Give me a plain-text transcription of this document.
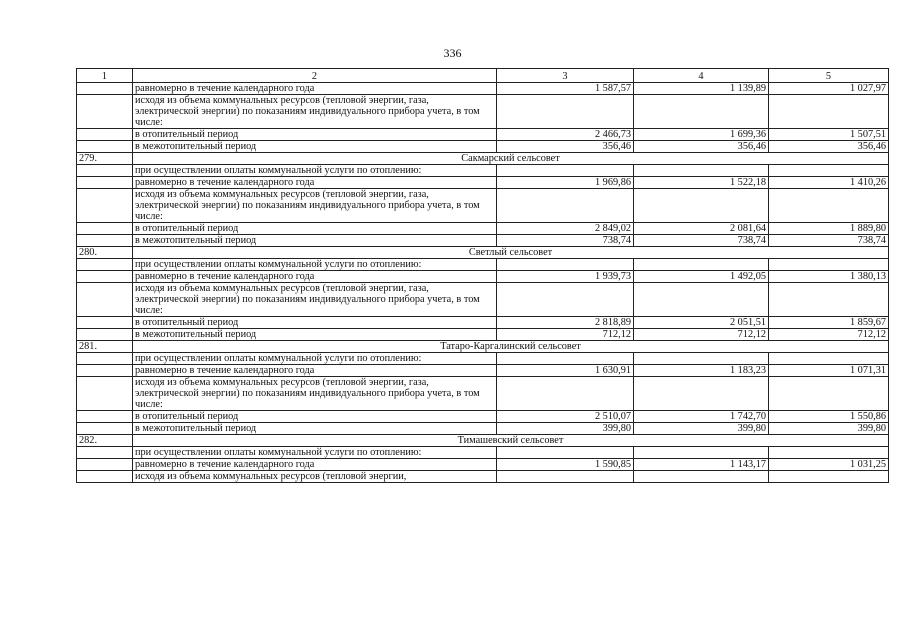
336
1	2	3	4	5
	равномерно в течение календарного года	1 587,57	1 139,89	1 027,97
	исходя из объема коммунальных ресурсов (тепловой энергии, газа, электрической энергии) по показаниям индивидуального прибора учета, в том числе:			
	в отопительный период	2 466,73	1 699,36	1 507,51
	в межотопительный период	356,46	356,46	356,46
279.	Сакмарский сельсовет			
	при осуществлении оплаты коммунальной услуги по отоплению:			
	равномерно в течение календарного года	1 969,86	1 522,18	1 410,26
	исходя из объема коммунальных ресурсов (тепловой энергии, газа, электрической энергии) по показаниям индивидуального прибора учета, в том числе:			
	в отопительный период	2 849,02	2 081,64	1 889,80
	в межотопительный период	738,74	738,74	738,74
280.	Светлый сельсовет			
	при осуществлении оплаты коммунальной услуги по отоплению:			
	равномерно в течение календарного года	1 939,73	1 492,05	1 380,13
	исходя из объема коммунальных ресурсов (тепловой энергии, газа, электрической энергии) по показаниям индивидуального прибора учета, в том числе:			
	в отопительный период	2 818,89	2 051,51	1 859,67
	в межотопительный период	712,12	712,12	712,12
281.	Татаро-Каргалинский сельсовет			
	при осуществлении оплаты коммунальной услуги по отоплению:			
	равномерно в течение календарного года	1 630,91	1 183,23	1 071,31
	исходя из объема коммунальных ресурсов (тепловой энергии, газа, электрической энергии) по показаниям индивидуального прибора учета, в том числе:			
	в отопительный период	2 510,07	1 742,70	1 550,86
	в межотопительный период	399,80	399,80	399,80
282.	Тимашевский сельсовет			
	при осуществлении оплаты коммунальной услуги по отоплению:			
	равномерно в течение календарного года	1 590,85	1 143,17	1 031,25
	исходя из объема коммунальных ресурсов (тепловой энергии,			
